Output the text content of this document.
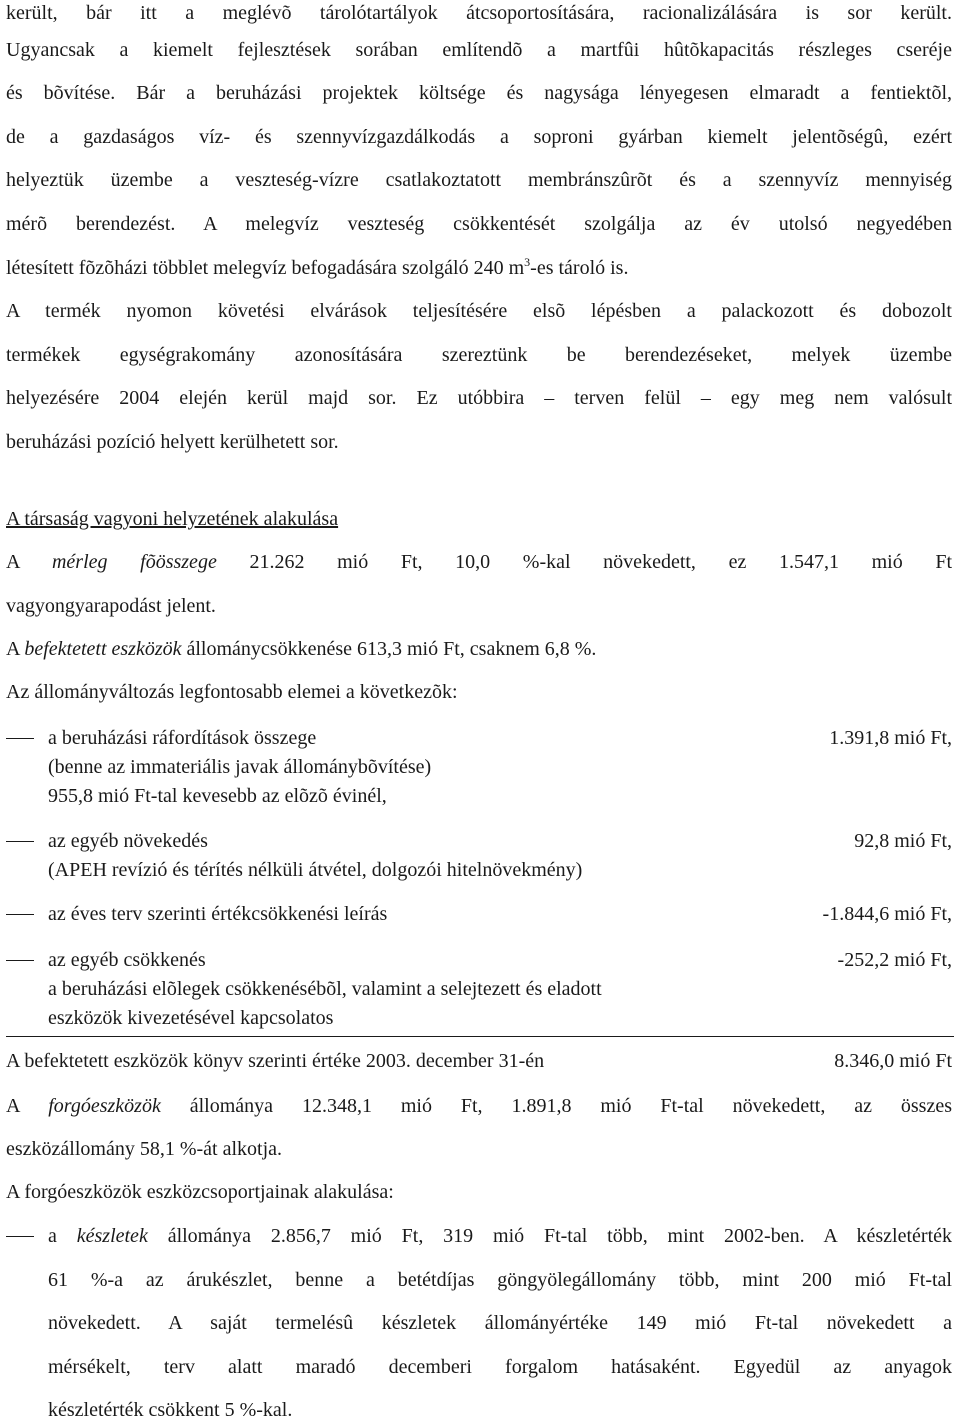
került, bár itt a meglévõ tárolótartályok átcsoportosítására, racionalizálására is sor került.
Ugyancsak a kiemelt fejlesztések sorában említendõ a martfûi hûtõkapacitás részleges cseréje
és bõvítése. Bár a beruházási projektek költsége és nagysága lényegesen elmaradt a fentiektõl,
de a gazdaságos víz- és szennyvízgazdálkodás a soproni gyárban kiemelt jelentõségû, ezért
helyeztük üzembe a veszteség-vízre csatlakoztatott membránszûrõt és a szennyvíz mennyiség
mérõ berendezést. A melegvíz veszteség csökkentését szolgálja az év utolsó negyedében
létesített fõzõházi többlet melegvíz befogadására szolgáló 240 $m^3-es$ tároló is.
A termék nyomon követési elvárások teljesítésére elsõ lépésben a palackozott és dobozolt
termékek egységrakomány azonosítására szereztünk be berendezéseket, melyek üzembe
helyezésére 2004 elején kerül majd sor. Ez utóbbira – terven felül – egy meg nem valósult
beruházási pozíció helyett kerülhetett sor.
A társaság vagyoni helyzetének alakulása
A mérleg fõösszege 21.262 mió Ft, 10,0 %-kal növekedett, ez 1.547,1 mió Ft
vagyongyarapodást jelent.
A befektetett eszközök állománycsökkenése 613,3 mió Ft, csaknem 6,8 %.
Az állományváltozás legfontosabb elemei a következõk:
a beruházási ráfordítások összege
(benne az immateriális javak állománybõvítése)
955,8 mió Ft-tal kevesebb az elõzõ évinél,
1.391,8 mió Ft,
az egyéb növekedés
(APEH revízió és térítés nélküli átvétel, dolgozói hitelnövekmény)
92,8 mió Ft,
az éves terv szerinti értékcsökkenési leírás	-1.844,6 mió Ft,
az egyéb csökkenés
a beruházási elõlegek csökkenésébõl, valamint a selejtezett és eladott
eszközök kivezetésével kapcsolatos
-252,2 mió Ft,
A befektetett eszközök könyv szerinti értéke 2003. december 31-én	8.346,0 mió Ft
A forgóeszközök állománya 12.348,1 mió Ft, 1.891,8 mió Ft-tal növekedett, az összes
eszközállomány 58,1 %-át alkotja.
A forgóeszközök eszközcsoportjainak alakulása:
a készletek állománya 2.856,7 mió Ft, 319 mió Ft-tal több, mint 2002-ben. A készletérték
61 %-a az árukészlet, benne a betétdíjas göngyölegállomány több, mint 200 mió Ft-tal
növekedett. A saját termelésû készletek állományértéke 149 mió Ft-tal növekedett a
mérsékelt, terv alatt maradó decemberi forgalom hatásaként. Egyedül az anyagok
készletérték csökkent 5 %-kal.
